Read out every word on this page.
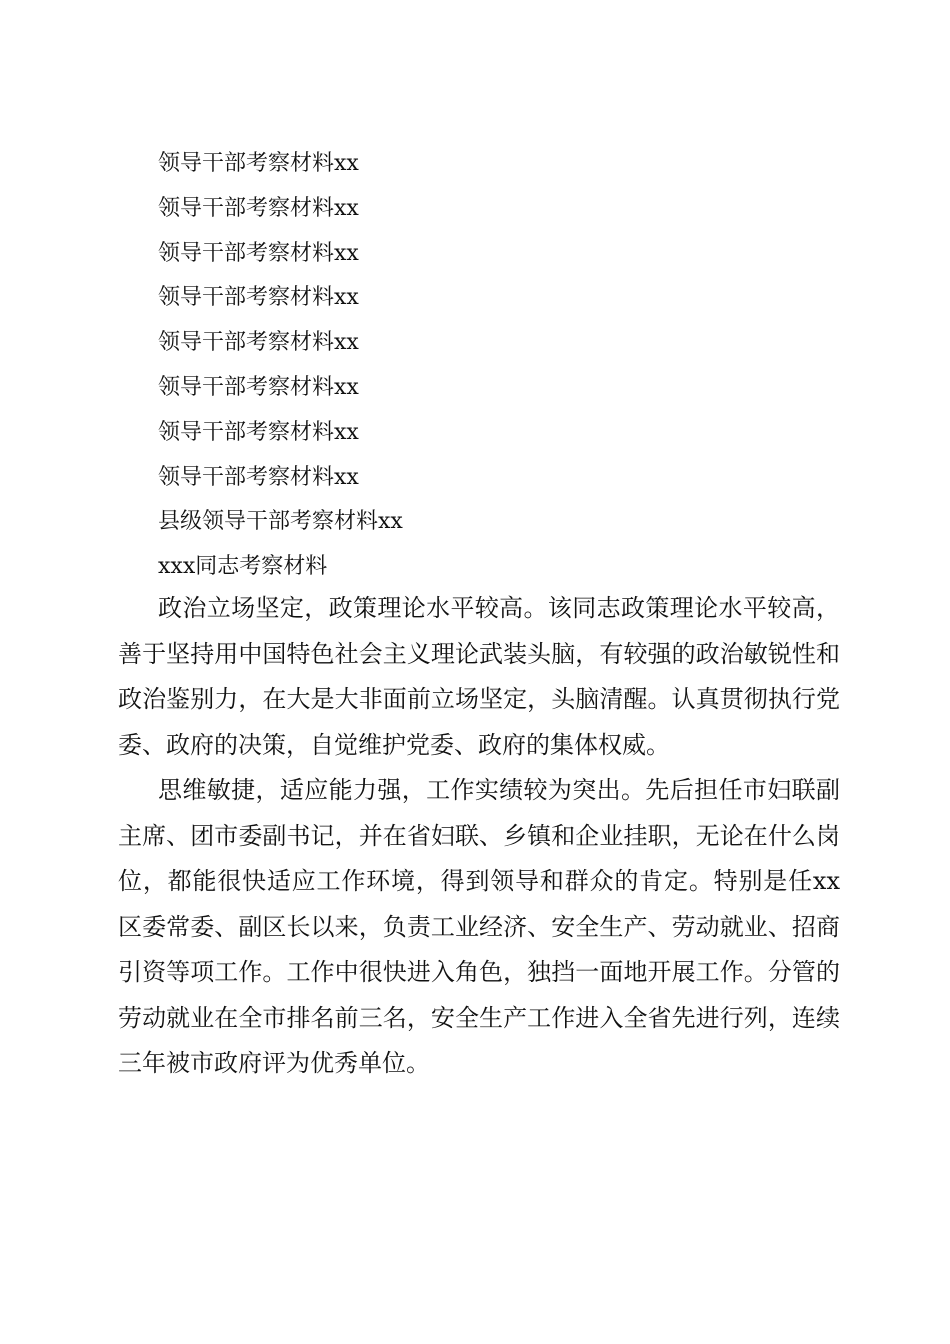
领导干部考察材料xx
领导干部考察材料xx
领导干部考察材料xx
领导干部考察材料xx
领导干部考察材料xx
领导干部考察材料xx
领导干部考察材料xx
领导干部考察材料xx
县级领导干部考察材料xx
xxx同志考察材料

政治立场坚定，政策理论水平较高。该同志政策理论水平较高，善于坚持用中国特色社会主义理论武装头脑，有较强的政治敏锐性和政治鉴别力，在大是大非面前立场坚定，头脑清醒。认真贯彻执行党委、政府的决策，自觉维护党委、政府的集体权威。

思维敏捷，适应能力强，工作实绩较为突出。先后担任市妇联副主席、团市委副书记，并在省妇联、乡镇和企业挂职，无论在什么岗位，都能很快适应工作环境，得到领导和群众的肯定。特别是任xx区委常委、副区长以来，负责工业经济、安全生产、劳动就业、招商引资等项工作。工作中很快进入角色，独挡一面地开展工作。分管的劳动就业在全市排名前三名，安全生产工作进入全省先进行列，连续三年被市政府评为优秀单位。
